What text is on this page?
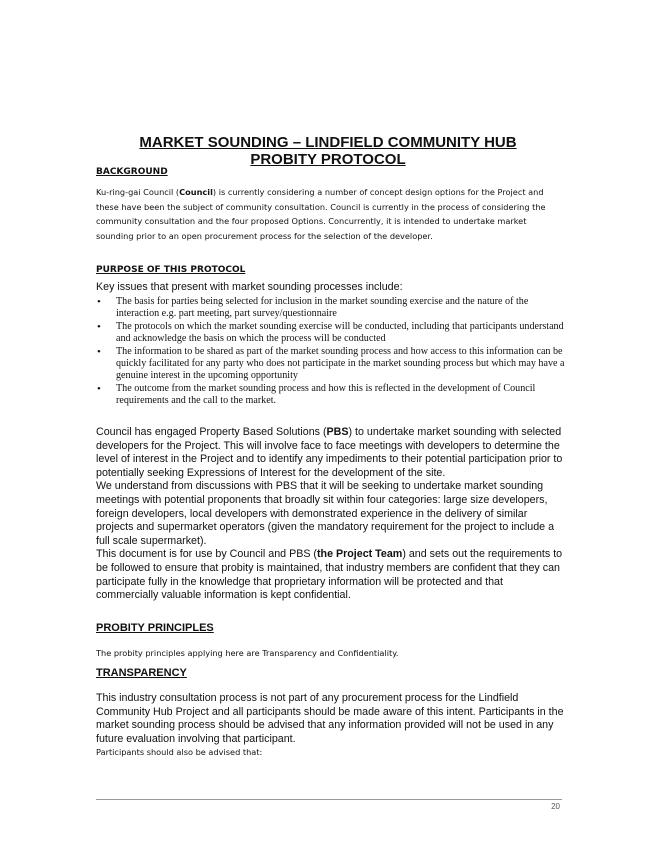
MARKET SOUNDING – LINDFIELD COMMUNITY HUB
PROBITY PROTOCOL
BACKGROUND
Ku-ring-gai Council (Council) is currently considering a number of concept design options for the Project and these have been the subject of community consultation. Council is currently in the process of considering the community consultation and the four proposed Options. Concurrently, it is intended to undertake market sounding prior to an open procurement process for the selection of the developer.
PURPOSE OF THIS PROTOCOL
Key issues that present with market sounding processes include:
• The basis for parties being selected for inclusion in the market sounding exercise and the nature of the interaction e.g. part meeting, part survey/questionnaire
• The protocols on which the market sounding exercise will be conducted, including that participants understand and acknowledge the basis on which the process will be conducted
• The information to be shared as part of the market sounding process and how access to this information can be quickly facilitated for any party who does not participate in the market sounding process but which may have a genuine interest in the upcoming opportunity
• The outcome from the market sounding process and how this is reflected in the development of Council requirements and the call to the market.
Council has engaged Property Based Solutions (PBS) to undertake market sounding with selected developers for the Project. This will involve face to face meetings with developers to determine the level of interest in the Project and to identify any impediments to their potential participation prior to potentially seeking Expressions of Interest for the development of the site.
We understand from discussions with PBS that it will be seeking to undertake market sounding meetings with potential proponents that broadly sit within four categories: large size developers, foreign developers, local developers with demonstrated experience in the delivery of similar projects and supermarket operators (given the mandatory requirement for the project to include a full scale supermarket).
This document is for use by Council and PBS (the Project Team) and sets out the requirements to be followed to ensure that probity is maintained, that industry members are confident that they can participate fully in the knowledge that proprietary information will be protected and that commercially valuable information is kept confidential.
PROBITY PRINCIPLES
The probity principles applying here are Transparency and Confidentiality.
TRANSPARENCY
This industry consultation process is not part of any procurement process for the Lindfield Community Hub Project and all participants should be made aware of this intent. Participants in the market sounding process should be advised that any information provided will not be used in any future evaluation involving that participant.
Participants should also be advised that:
20
